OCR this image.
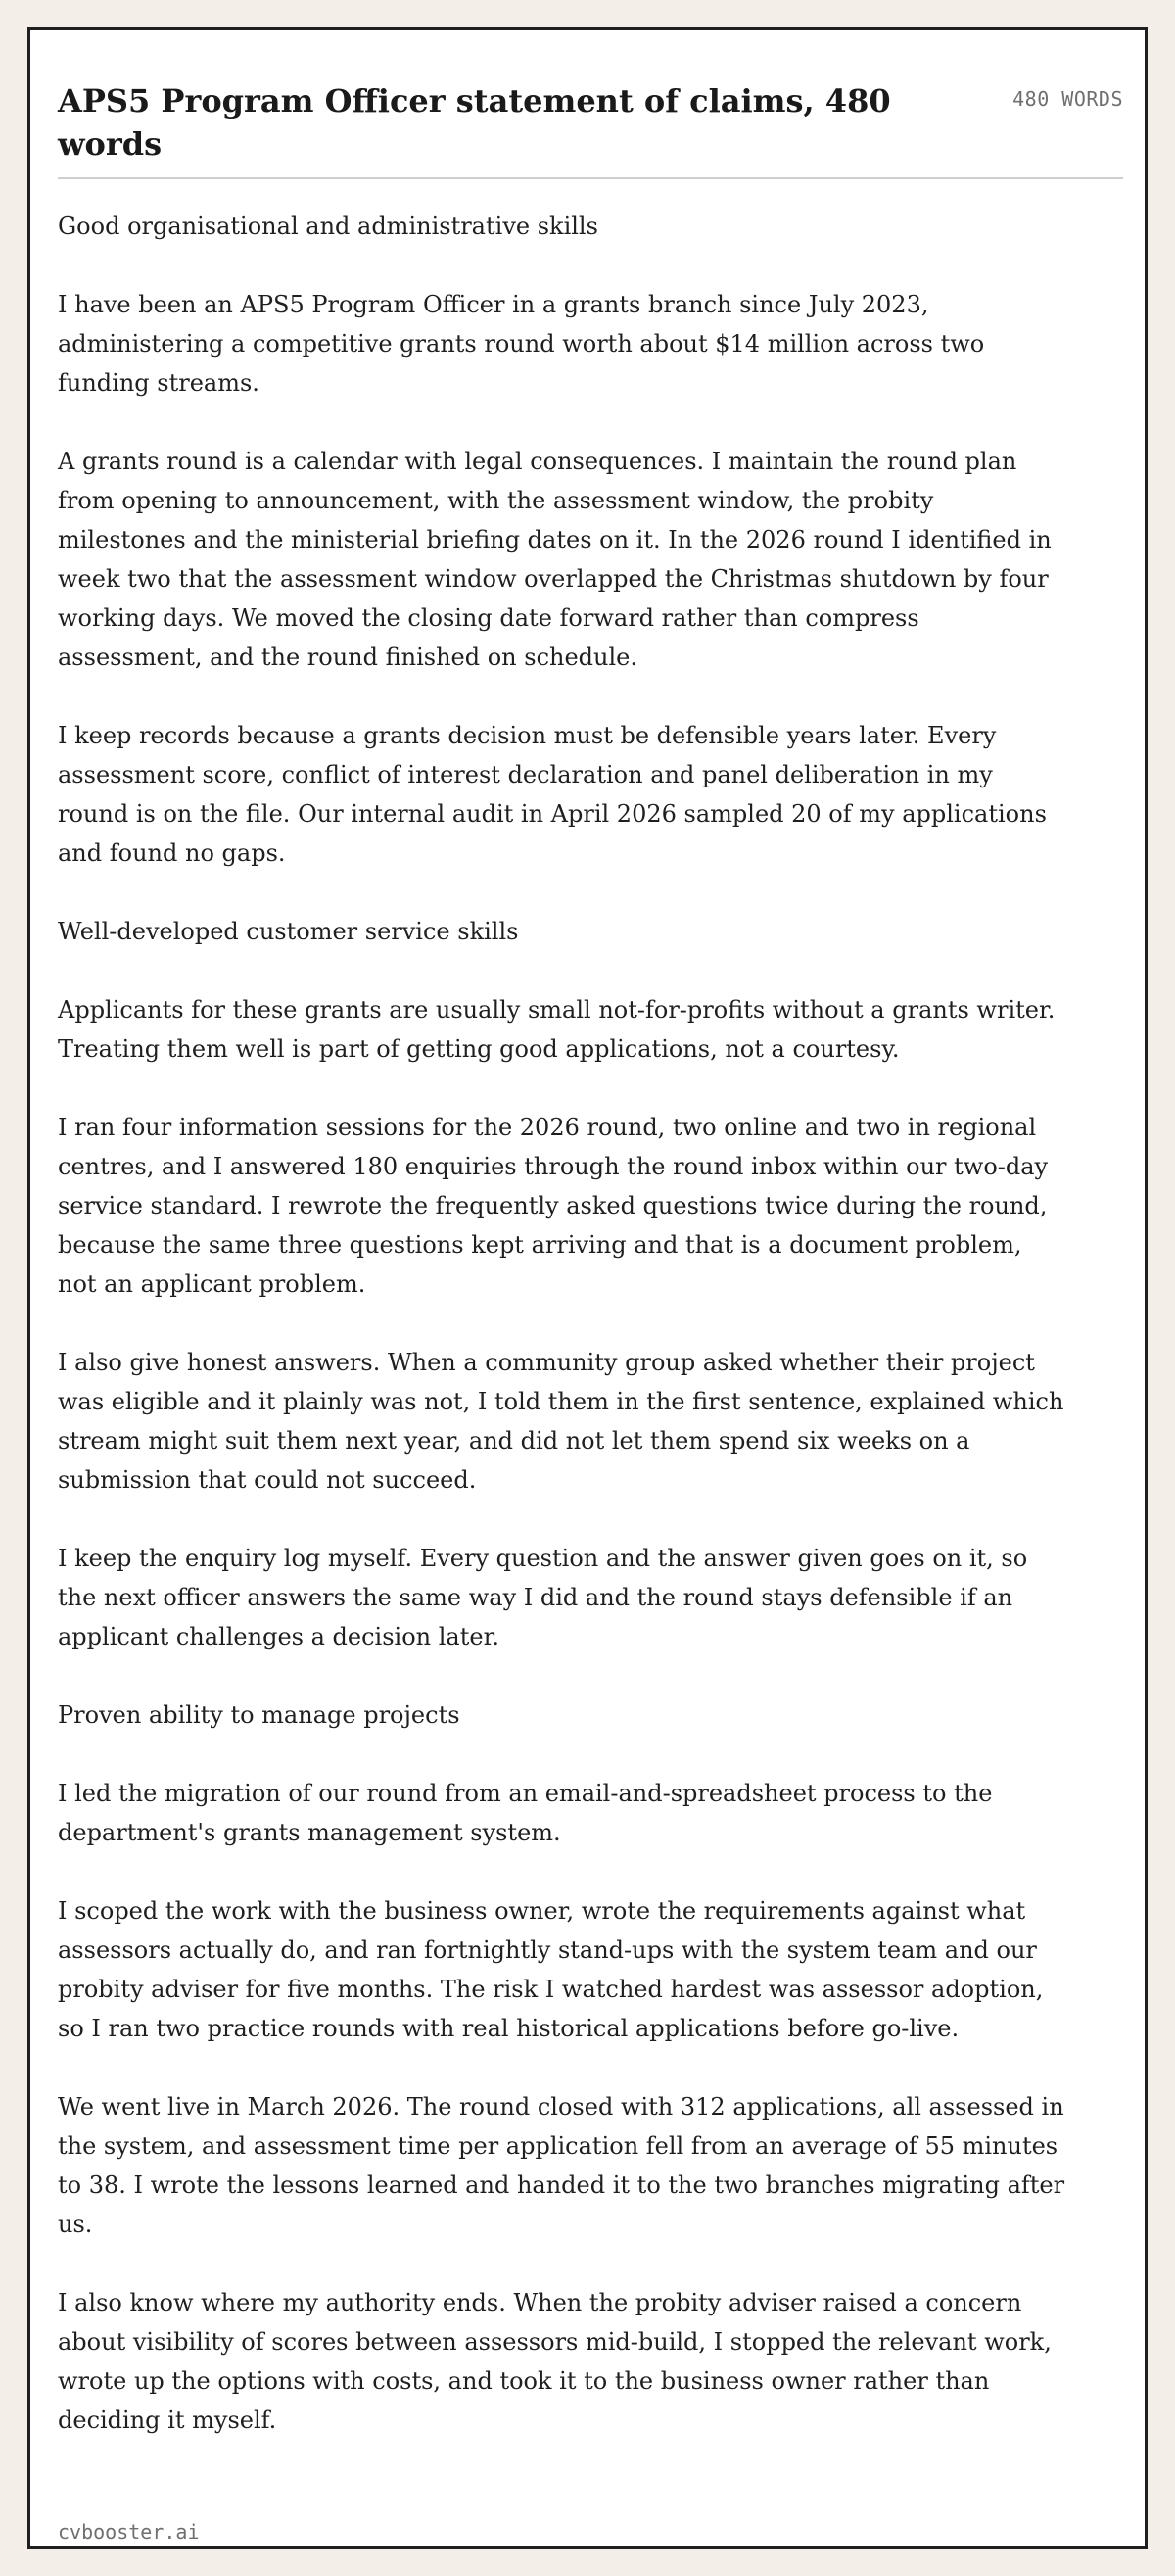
APS5 Program Officer statement of claims, 480 words
480 WORDS
Good organisational and administrative skills

I have been an APS5 Program Officer in a grants branch since July 2023, administering a competitive grants round worth about $14 million across two funding streams.

A grants round is a calendar with legal consequences. I maintain the round plan from opening to announcement, with the assessment window, the probity milestones and the ministerial briefing dates on it. In the 2026 round I identified in week two that the assessment window overlapped the Christmas shutdown by four working days. We moved the closing date forward rather than compress assessment, and the round finished on schedule.

I keep records because a grants decision must be defensible years later. Every assessment score, conflict of interest declaration and panel deliberation in my round is on the file. Our internal audit in April 2026 sampled 20 of my applications and found no gaps.

Well-developed customer service skills

Applicants for these grants are usually small not-for-profits without a grants writer. Treating them well is part of getting good applications, not a courtesy.

I ran four information sessions for the 2026 round, two online and two in regional centres, and I answered 180 enquiries through the round inbox within our two-day service standard. I rewrote the frequently asked questions twice during the round, because the same three questions kept arriving and that is a document problem, not an applicant problem.

I also give honest answers. When a community group asked whether their project was eligible and it plainly was not, I told them in the first sentence, explained which stream might suit them next year, and did not let them spend six weeks on a submission that could not succeed.

I keep the enquiry log myself. Every question and the answer given goes on it, so the next officer answers the same way I did and the round stays defensible if an applicant challenges a decision later.

Proven ability to manage projects

I led the migration of our round from an email-and-spreadsheet process to the department's grants management system.

I scoped the work with the business owner, wrote the requirements against what assessors actually do, and ran fortnightly stand-ups with the system team and our probity adviser for five months. The risk I watched hardest was assessor adoption, so I ran two practice rounds with real historical applications before go-live.

We went live in March 2026. The round closed with 312 applications, all assessed in the system, and assessment time per application fell from an average of 55 minutes to 38. I wrote the lessons learned and handed it to the two branches migrating after us.

I also know where my authority ends. When the probity adviser raised a concern about visibility of scores between assessors mid-build, I stopped the relevant work, wrote up the options with costs, and took it to the business owner rather than deciding it myself.

cvbooster.ai
